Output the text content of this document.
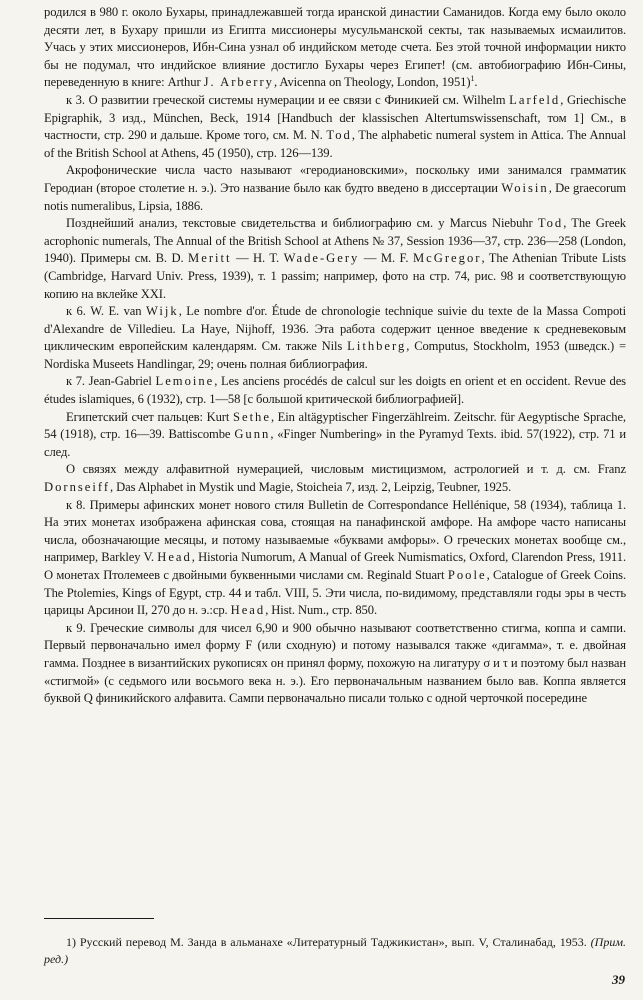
родился в 980 г. около Бухары, принадлежавшей тогда иранской династии Саманидов. Когда ему было около десяти лет, в Бухару пришли из Египта миссионеры мусульманской секты, так называемых исмаилитов. Учась у этих миссионеров, Ибн-Сина узнал об индийском методе счета. Без этой точной информации никто бы не подумал, что индийское влияние достигло Бухары через Египет! (см. автобиографию Ибн-Сины, переведенную в книге: Arthur J. Arberry, Avicenna on Theology, London, 1951)$^1$.

к 3. О развитии греческой системы нумерации и ее связи с Финикией см. Wilhelm Larfeld, Griechische Epigraphik, 3 изд., München, Beck, 1914 [Handbuch der klassischen Altertumswissenschaft, том 1] См., в частности, стр. 290 и дальше. Кроме того, см. M. N. Tod, The alphabetic numeral system in Attica. The Annual of the British School at Athens, 45 (1950), стр. 126—139.

Акрофонические числа часто называют «геродиановскими», поскольку ими занимался грамматик Геродиан (второе столетие н. э.). Это название было как будто введено в диссертации Woisin, De graecorum notis numeralibus, Lipsia, 1886.

Позднейший анализ, текстовые свидетельства и библиографию см. у Marcus Niebuhr Tod, The Greek acrophonic numerals, The Annual of the British School at Athens № 37, Session 1936—37, стр. 236—258 (London, 1940). Примеры см. B. D. Meritt — H. T. Wade-Gery — M. F. McGregor, The Athenian Tribute Lists (Cambridge, Harvard Univ. Press, 1939), т. 1 passim; например, фото на стр. 74, рис. 98 и соответствующую копию на вклейке XXI.

к 6. W. E. van Wijk, Le nombre d'or. Étude de chronologie technique suivie du texte de la Massa Compoti d'Alexandre de Villedieu. La Haye, Nijhoff, 1936. Эта работа содержит ценное введение к средневековым циклическим европейским календарям. См. также Nils Lithberg, Computus, Stockholm, 1953 (шведск.) = Nordiska Museets Handlingar, 29; очень полная библиография.

к 7. Jean-Gabriel Lemoine, Les anciens procédés de calcul sur les doigts en orient et en occident. Revue des études islamiques, 6 (1932), стр. 1—58 [с большой критической библиографией].

Египетский счет пальцев: Kurt Sethe, Ein altägyptischer Fingerzählreim. Zeitschr. für Aegyptische Sprache, 54 (1918), стр. 16—39. Battiscombe Gunn, «Finger Numbering» in the Pyramyd Texts. ibid. 57(1922), стр. 71 и след.

О связях между алфавитной нумерацией, числовым мистицизмом, астрологией и т. д. см. Franz Dornseiff, Das Alphabet in Mystik und Magie, Stoicheia 7, изд. 2, Leipzig, Teubner, 1925.

к 8. Примеры афинских монет нового стиля Bulletin de Correspondance Hellénique, 58 (1934), таблица 1. На этих монетах изображена афинская сова, стоящая на панафинской амфоре. На амфоре часто написаны числа, обозначающие месяцы, и потому называемые «буквами амфоры». О греческих монетах вообще см., например, Barkley V. Head, Historia Numorum, A Manual of Greek Numismatics, Oxford, Clarendon Press, 1911. О монетах Птолемеев с двойными буквенными числами см. Reginald Stuart Poole, Catalogue of Greek Coins. The Ptolemies, Kings of Egypt, стр. 44 и табл. VIII, 5. Эти числа, по-видимому, представляли годы эры в честь царицы Арсинои II, 270 до н. э.:ср. Head, Hist. Num., стр. 850.

к 9. Греческие символы для чисел 6,90 и 900 обычно называют соответственно стигма, коппа и сампи. Первый первоначально имел форму F (или сходную) и потому назывался также «дигамма», т. е. двойная гамма. Позднее в византийских рукописях он принял форму, похожую на лигатуру σ и τ и поэтому был назван «стигмой» (с седьмого или восьмого века н. э.). Его первоначальным названием было вав. Коппа является буквой Q финикийского алфавита. Сампи первоначально писали только с одной черточкой посередине

1) Русский перевод М. Занда в альманахе «Литературный Таджикистан», вып. V, Сталинабад, 1953. (Прим. ред.)

39
